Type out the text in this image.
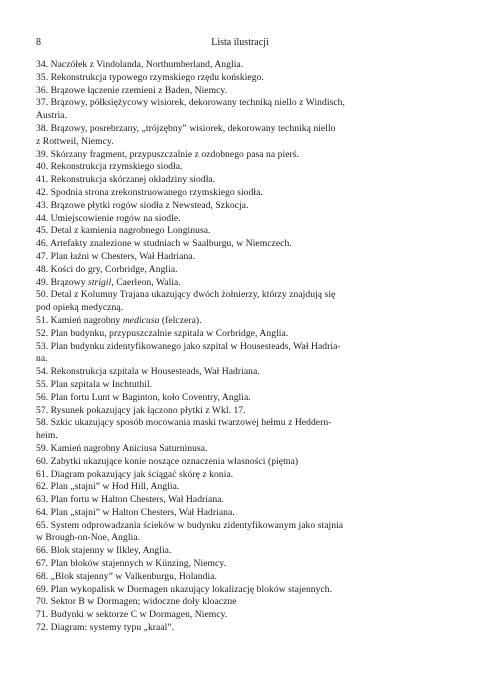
8	Lista ilustracji
34. Naczółek z Vindolanda, Northumberland, Anglia.
35. Rekonstrukcja typowego rzymskiego rzędu końskiego.
36. Brązowe łączenie rzemieni z Baden, Niemcy.
37. Brązowy, półksiężycowy wisiorek, dekorowany techniką niello z Windisch,
Austria.
38. Brązowy, posrebrzany, „trójzębny” wisiorek, dekorowany techniką niello
z Rottweil, Niemcy.
39. Skórzany fragment, przypuszczalnie z ozdobnego pasa na pierś.
40. Rekonstrukcja rzymskiego siodła.
41. Rekonstrukcja skórzanej okładziny siodła.
42. Spodnia strona zrekonstruowanego rzymskiego siodła.
43. Brązowe płytki rogów siodła z Newstead, Szkocja.
44. Umiejscowienie rogów na siodle.
45. Detal z kamienia nagrobnego Longinusa.
46. Artefakty znalezione w studniach w Saalburgu, w Niemczech.
47. Plan łaźni w Chesters, Wał Hadriana.
48. Kości do gry, Corbridge, Anglia.
49. Brązowy strigil, Caerleon, Walia.
50. Detal z Kolumny Trajana ukazujący dwóch żołnierzy, którzy znajdują się
pod opieką medyczną.
51. Kamień nagrobny medicusa (felczera).
52. Plan budynku, przypuszczalnie szpitala w Corbridge, Anglia.
53. Plan budynku zidentyfikowanego jako szpital w Housesteads, Wał Hadria-
na.
54. Rekonstrukcja szpitala w Housesteads, Wał Hadriana.
55. Plan szpitala w Inchtuthil.
56. Plan fortu Lunt w Baginton, koło Coventry, Anglia.
57. Rysunek pokazujący jak łączono płytki z Wkl. 17.
58. Szkic ukazujący sposób mocowania maski twarzowej hełmu z Heddern-
heim.
59. Kamień nagrobny Aniciusa Saturninusa.
60. Zabytki ukazujące konie noszące oznaczenia własności (piętna)
61. Diagram pokazujący jak ściągać skórę z konia.
62. Plan „stajni” w Hod Hill, Anglia.
63. Plan fortu w Halton Chesters, Wał Hadriana.
64. Plan „stajni” w Halton Chesters, Wał Hadriana.
65. System odprowadzania ścieków w budynku zidentyfikowanym jako stajnia
w Brough-on-Noe, Anglia.
66. Blok stajenny w Ilkley, Anglia.
67. Plan bloków stajennych w Künzing, Niemcy.
68. „Blok stajenny” w Valkenburgu, Holandia.
69. Plan wykopalisk w Dormagen ukazujący lokalizację bloków stajennych.
70. Sektor B w Dormagen; widoczne doły kloaczne
71. Budynki w sektorze C w Dormagen, Niemcy.
72. Diagram: systemy typu „kraal”.
